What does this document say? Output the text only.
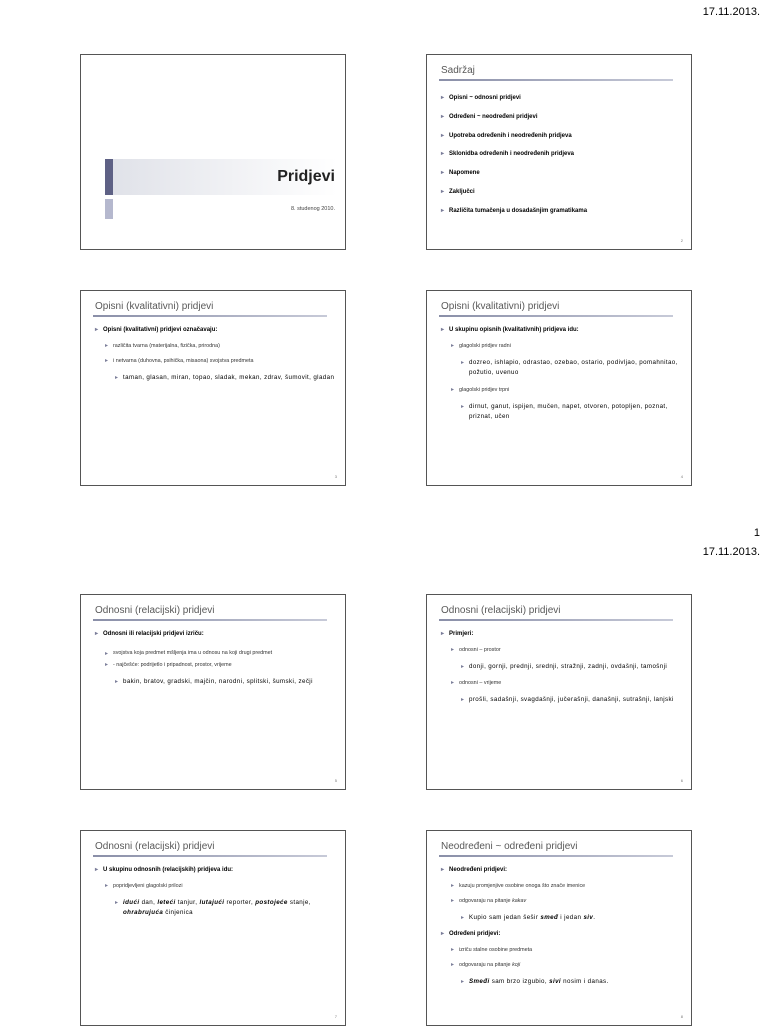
17.11.2013.
Pridjevi
8. studenog 2010.
Sadržaj

▸ Opisni ~ odnosni pridjevi

▸ Određeni ~ neodređeni pridjevi

▸ Upotreba određenih i neodređenih pridjeva

▸ Sklonidba određenih i neodređenih pridjeva

▸ Napomene

▸ Zaključci

▸ Različita tumačenja u dosadašnjim gramatikama

2
Opisni (kvalitativni) pridjevi

▸ Opisni (kvalitativni) pridjevi označavaju:

▸ različita tvarna (materijalna, fizička, prirodna)

▸ i netvarna (duhovna, psihička, misaona) svojstva predmeta

▸ taman, glasan, miran, topao, sladak, mekan, zdrav, šumovit, gladan

3
Opisni (kvalitativni) pridjevi

▸ U skupinu opisnih (kvalitativnih) pridjeva idu:

▸ glagolski pridjev radni

▸ dozreo, ishlapio, odrastao, ozebao, ostario, podivljao, pomahnitao, požutio, uvenuo

▸ glagolski pridjev trpni

▸ dirnut, ganut, ispijen, mučen, napet, otvoren, potopljen, poznat, priznat, učen

4
1
17.11.2013.
Odnosni (relacijski) pridjevi

▸ Odnosni ili relacijski pridjevi izriču:

▸ svojstva koja predmet mšljenja ima u odnosu na koji drugi predmet

▸ - najčešće: podrijetlo i pripadnost, prostor, vrijeme

▸ bakin, bratov, gradski, majčin, narodni, splitski, šumski, zečji

5
Odnosni (relacijski) pridjevi

▸ Primjeri:

▸ odnosni – prostor

▸ donji, gornji, prednji, srednji, stražnji, zadnji, ovdašnji, tamošnji

▸ odnosni – vrijeme

▸ prošli, sadašnji, svagdašnji, jučerašnji, današnji, sutrašnji, lanjski

6
Odnosni (relacijski) pridjevi

▸ U skupinu odnosnih (relacijskih) pridjeva idu:

▸ popridjevljeni glagolski prilozi

▸ idući dan, leteći tanjur, lutajući reporter, postojeće stanje, ohrabrujuća činjenica

7
Neodređeni ~ određeni pridjevi

▸ Neodređeni pridjevi:

▸ kazuju promjenjive osobine onoga što znače imenice

▸ odgovaraju na pitanje kakav

▸ Kupio sam jedan šešir smeđ i jedan siv.

▸ Određeni pridjevi:

▸ izriču stalne osobine predmeta

▸ odgovaraju na pitanje koji

▸ Smeđi sam brzo izgubio, sivi nosim i danas.

8
